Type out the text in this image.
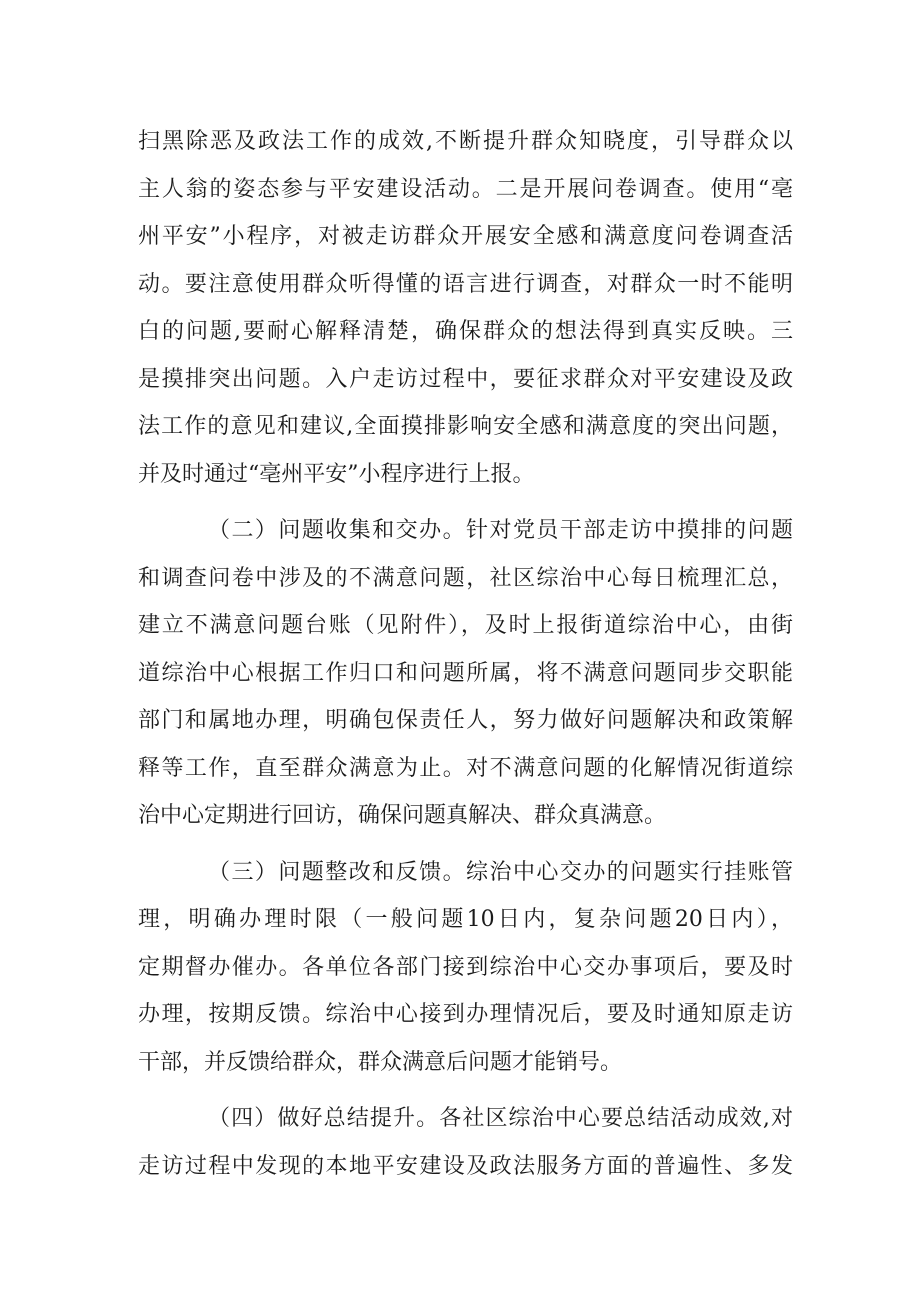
扫黑除恶及政法工作的成效,不断提升群众知晓度，引导群众以
主人翁的姿态参与平安建设活动。二是开展问卷调查。使用“亳
州平安”小程序，对被走访群众开展安全感和满意度问卷调查活
动。要注意使用群众听得懂的语言进行调查，对群众一时不能明
白的问题,要耐心解释清楚，确保群众的想法得到真实反映。三
是摸排突出问题。入户走访过程中，要征求群众对平安建设及政
法工作的意见和建议,全面摸排影响安全感和满意度的突出问题，
并及时通过“亳州平安”小程序进行上报。
（二）问题收集和交办。针对党员干部走访中摸排的问题
和调查问卷中涉及的不满意问题，社区综治中心每日梳理汇总，
建立不满意问题台账（见附件），及时上报街道综治中心，由街
道综治中心根据工作归口和问题所属，将不满意问题同步交职能
部门和属地办理，明确包保责任人，努力做好问题解决和政策解
释等工作，直至群众满意为止。对不满意问题的化解情况街道综
治中心定期进行回访，确保问题真解决、群众真满意。
（三）问题整改和反馈。综治中心交办的问题实行挂账管
理，明确办理时限（一般问题10日内，复杂问题20日内），
定期督办催办。各单位各部门接到综治中心交办事项后，要及时
办理，按期反馈。综治中心接到办理情况后，要及时通知原走访
干部，并反馈给群众，群众满意后问题才能销号。
（四）做好总结提升。各社区综治中心要总结活动成效,对
走访过程中发现的本地平安建设及政法服务方面的普遍性、多发
